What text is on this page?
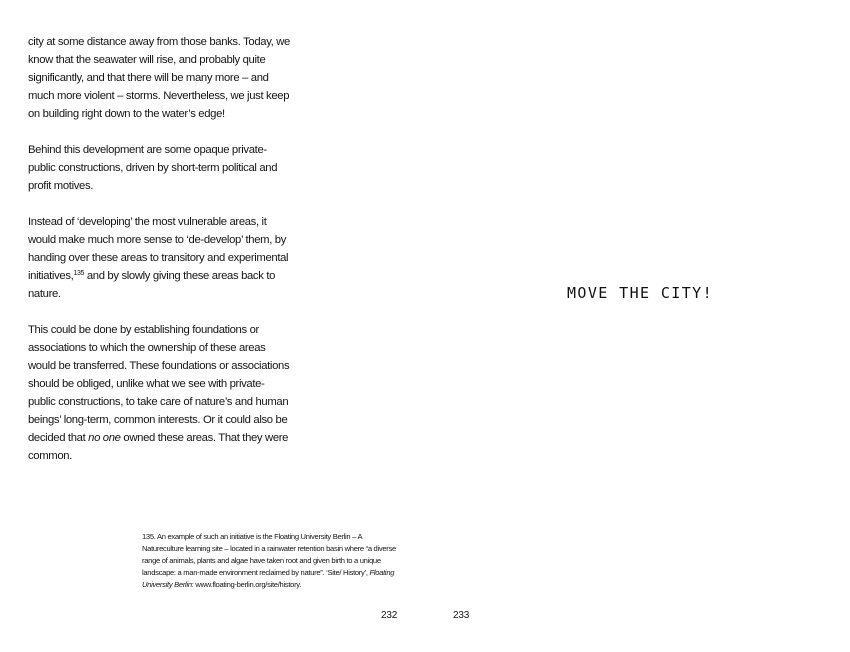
city at some distance away from those banks. Today, we know that the seawater will rise, and probably quite significantly, and that there will be many more – and much more violent – storms. Nevertheless, we just keep on building right down to the water’s edge!

Behind this development are some opaque private-public constructions, driven by short-term political and profit motives.

Instead of ‘developing’ the most vulnerable areas, it would make much more sense to ‘de-develop’ them, by handing over these areas to transitory and experimental initiatives,$^{135}$ and by slowly giving these areas back to nature.

This could be done by establishing foundations or associations to which the ownership of these areas would be transferred. These foundations or associations should be obliged, unlike what we see with private-public constructions, to take care of nature’s and human beings’ long-term, common interests. Or it could also be decided that no one owned these areas. That they were common.

135. An example of such an initiative is the Floating University Berlin – A Natureculture learning site – located in a rainwater retention basin where “a diverse range of animals, plants and algae have taken root and given birth to a unique landscape: a man-made environment reclaimed by nature”. ‘Site/ History’, Floating University Berlin: www.floating-berlin.org/site/history.
232
MOVE THE CITY!
233
